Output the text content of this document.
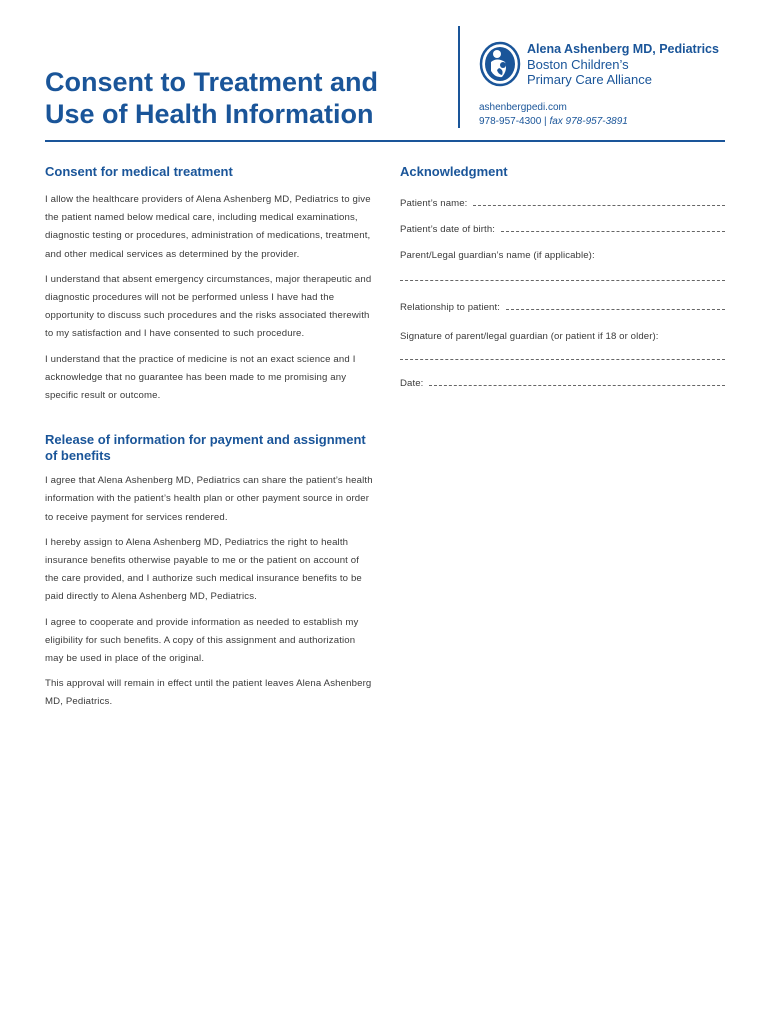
Consent to Treatment and Use of Health Information
Alena Ashenberg MD, Pediatrics
Boston Children’s
Primary Care Alliance
ashenbergpedi.com
978-957-4300 | fax 978-957-3891
Consent for medical treatment

I allow the healthcare providers of Alena Ashenberg MD, Pediatrics to give the patient named below medical care, including medical examinations, diagnostic testing or procedures, administration of medications, treatment, and other medical services as determined by the provider.

I understand that absent emergency circumstances, major therapeutic and diagnostic procedures will not be performed unless I have had the opportunity to discuss such procedures and the risks associated therewith to my satisfaction and I have consented to such procedure.

I understand that the practice of medicine is not an exact science and I acknowledge that no guarantee has been made to me promising any specific result or outcome.

Release of information for payment and assignment of benefits

I agree that Alena Ashenberg MD, Pediatrics can share the patient’s health information with the patient’s health plan or other payment source in order to receive payment for services rendered.

I hereby assign to Alena Ashenberg MD, Pediatrics the right to health insurance benefits otherwise payable to me or the patient on account of the care provided, and I authorize such medical insurance benefits to be paid directly to Alena Ashenberg MD, Pediatrics.

I agree to cooperate and provide information as needed to establish my eligibility for such benefits. A copy of this assignment and authorization may be used in place of the original.

This approval will remain in effect until the patient leaves Alena Ashenberg MD, Pediatrics.

Acknowledgment
Patient’s name:
Patient’s date of birth:
Parent/Legal guardian’s name (if applicable):
Relationship to patient:
Signature of parent/legal guardian (or patient if 18 or older):
Date:
